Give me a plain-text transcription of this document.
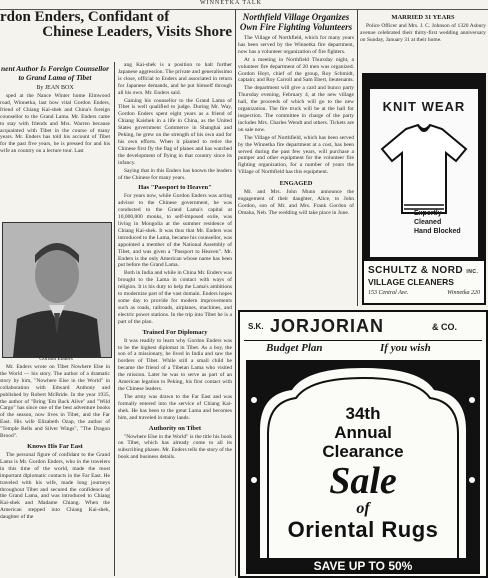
WINNETKA TALK
rdon Enders, Confidant of
Chinese Leaders, Visits Shore
nent Author Is Foreign Counsellor to Grand Lama of Tibet
By JEAN BOX

sped at the Nance Winter home Elmwood road, Winnetka, last how vital Gordon Enders, friend of Chiang Kai-shek and China's foreign counsellor to the Grand Lama. Mr. Enders came to stay with friends and Mrs. Warren because acquainted with Tibet in the course of many years. Mr. Enders has told his account of Tibet for the past five years, he is pressed for and his wife an country on a lecture tour. Last

Gordon Enders

Mr. Enders wrote on Tibet Nowhere Else in the World — his story. The author of a dramatic story by him, "Nowhere Else in the World" in collaboration with Edward Anthony and published by Robert McBride. In the year 1935, the author of "Bring 'Em Back Alive" and "Wild Cargo" has since one of the best adventure books of the season, now lives in Tibet, and the Far East. His wife Elizabeth Ozap, the author of "Temple Bells and Silver Wings", "The Dragon Brood".

Knows His Far East

The personal figure of confidant to the Grand Lama is Mr. Gordon Enders, who in the travelers in this time of the world, made the most important diplomatic contacts in the Far East. He traveled with his wife, made long journeys throughout Tibet and secured the confidence of the Grand Lama, and was introduced to Chiang Kai-shek and Madame Chiang. When the American stepped into Chiang Kai-shek, daughter of the

ang Kai-shek is a position to halt further Japanese aggression. The private and generalissimo is close, official to Enders and associated in return for Japanese demands, and he put himself through all his own. Mr. Enders said.

Gaining his counsellor to the Grand Lama of Tibet is well qualified to judge. During Mr. Way, Gordon Enders spent eight years as a friend of Chiang Kaishek in a life in China, as the United States government Commerce in Shanghai and Peking, he grew on the strength of his own and for his own efforts. When it planted to retire the Chinese first fly the flag of planes and has watched the development of flying in that country since its infancy.

Saying that in this Enders has known the leaders of the Chinese for many years.

Has "Passport to Heaven"

For years now, while Gordon Enders was acting advisor to the Chinese government, he was conducted to the Grand Lama's capital at 10,000,000 monks, to self-imposed exile, was living in Mongolia at the summer residence of Chiang Kai-shek. It was thus that Mr. Enders was introduced to the Lama, became his counsellor, was appointed a member of the National Assembly of Tibet, and was given a "Passport to Heaven". Mr. Enders is the only American whose name has been put before the Grand Lama.

Both in India and while in China Mr. Enders was brought to the Lama in contact with ways of religion. It is his duty to help the Lama's ambitions to modernize part of the vast domain. Enders hopes some day to provide for modern improvements such as roads, railroads, airplanes, machines, and electric power stations. In the trip into Tibet he is a part of the plan.

Trained For Diplomacy

It was readily to learn why Gordon Enders was to be the highest diplomat in Tibet. As a boy, the son of a missionary, he lived in India and saw the borders of Tibet. While still a small child he became the friend of a Tibetan Lama who visited the mission. Later he was to serve as part of an American legation to Peking, his first contact with the Chinese leaders.

The army was drawn to the Far East and was formally entered into the service of Chiang Kai-shek. He has been to the great Lama and becomes him, and traveled in many lands.

Authority on Tibet

"Nowhere Else in the World" is the title his book on Tibet, which has already come to all its subscribing phases. Mr. Enders tells the story of the book and business details.

Northfield Village Organizes Own Fire Fighting Volunteers

The Village of Northfield, which for many years has been served by the Winnetka fire department, now has a volunteer organization of fire fighters.

At a meeting in Northfield Thursday night, a volunteer fire department of 20 men was organized. Gordon Hoyt, chief of the group, Roy Schmidt, captain; and Roy Carroll and Sam Ebert, lieutenants.

The department will give a card and bunco party Thursday evening, February 4, at the new village hall, the proceeds of which will go to the new organization. The fire truck will be at the hall for inspection. The committee in charge of the party includes Mrs. Charles Wendt and others. Tickets are on sale now.

The Village of Northfield, which has been served by the Winnetka fire department at a cost, has been served during the past few years, will purchase a pumper and other equipment for the volunteer fire fighting organization, for a number of years the Village of Northfield has this equipment.

ENGAGED

Mr. and Mrs. John Munn announce the engagement of their daughter, Alice, to John Gordon, son of Mr. and Mrs. Frank Gordon of Omaha, Neb. The wedding will take place in June.

MARRIED 31 YEARS

Police Officer and Mrs. J. C. Johnson of 1320 Asbury avenue celebrated their thirty-first wedding anniversary on Sunday, January 31 at their home.

KNIT WEAR
Expertly
Cleaned
Hand Blocked
SCHULTZ & NORD INC.
VILLAGE CLEANERS
153 Central Ave.	Winnetka 220
S.K. JORJORIAN	& CO.
Budget Plan	If you wish
34th
Annual
Clearance
Sale
of
Oriental Rugs
SAVE UP TO 50%
